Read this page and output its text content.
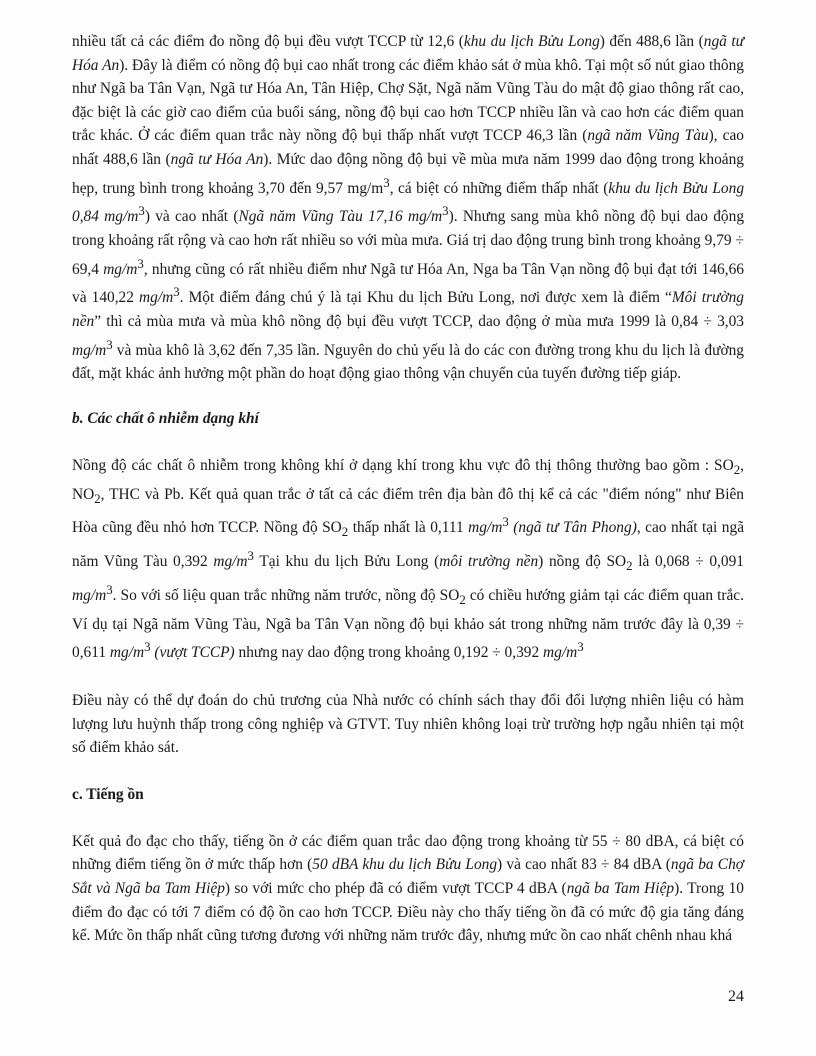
nhiều tất cả các điểm đo nồng độ bụi đều vượt TCCP từ 12,6 (khu du lịch Bửu Long) đến 488,6 lần (ngã tư Hóa An). Đây là điểm có nồng độ bụi cao nhất trong các điểm khảo sát ở mùa khô. Tại một số nút giao thông như Ngã ba Tân Vạn, Ngã tư Hóa An, Tân Hiệp, Chợ Sặt, Ngã năm Vũng Tàu do mật độ giao thông rất cao, đặc biệt là các giờ cao điểm của buổi sáng, nồng độ bụi cao hơn TCCP nhiều lần và cao hơn các điểm quan trắc khác. Ở các điểm quan trắc này nồng độ bụi thấp nhất vượt TCCP 46,3 lần (ngã năm Vũng Tàu), cao nhất 488,6 lần (ngã tư Hóa An). Mức dao động nồng độ bụi về mùa mưa năm 1999 dao động trong khoảng hẹp, trung bình trong khoảng 3,70 đến 9,57 $mg/m^3$, cá biệt có những điểm thấp nhất (khu du lịch Bửu Long 0,84 $mg/m^3$) và cao nhất (Ngã năm Vũng Tàu 17,16 $mg/m^3$). Nhưng sang mùa khô nồng độ bụi dao động trong khoảng rất rộng và cao hơn rất nhiều so với mùa mưa. Giá trị dao động trung bình trong khoảng 9,79 ÷ 69,4 $mg/m^3$, nhưng cũng có rất nhiều điểm như Ngã tư Hóa An, Nga ba Tân Vạn nồng độ bụi đạt tới 146,66 và 140,22 $mg/m^3$. Một điểm đáng chú ý là tại Khu du lịch Bửu Long, nơi được xem là điểm “Môi trường nền” thì cả mùa mưa và mùa khô nồng độ bụi đều vượt TCCP, dao động ở mùa mưa 1999 là 0,84 ÷ 3,03 $mg/m^3$ và mùa khô là 3,62 đến 7,35 lần. Nguyên do chủ yếu là do các con đường trong khu du lịch là đường đất, mặt khác ảnh hưởng một phần do hoạt động giao thông vận chuyển của tuyến đường tiếp giáp.

b. Các chất ô nhiễm dạng khí

Nồng độ các chất ô nhiễm trong không khí ở dạng khí trong khu vực đô thị thông thường bao gồm : $SO_2$, $NO_2$, THC và Pb. Kết quả quan trắc ở tất cả các điểm trên địa bàn đô thị kể cả các "điểm nóng" như Biên Hòa cũng đều nhỏ hơn TCCP. Nồng độ $SO_2$ thấp nhất là 0,111 $mg/m^3$ (ngã tư Tân Phong), cao nhất tại ngã năm Vũng Tàu 0,392 $mg/m^3$ Tại khu du lịch Bửu Long (môi trường nền) nồng độ $SO_2$ là 0,068 ÷ 0,091 $mg/m^3$. So với số liệu quan trắc những năm trước, nồng độ $SO_2$ có chiều hướng giảm tại các điểm quan trắc. Ví dụ tại Ngã năm Vũng Tàu, Ngã ba Tân Vạn nồng độ bụi khảo sát trong những năm trước đây là 0,39 ÷ 0,611 $mg/m^3$ (vượt TCCP) nhưng nay dao động trong khoảng 0,192 ÷ 0,392 $mg/m^3$

Điều này có thể dự đoán do chủ trương của Nhà nước có chính sách thay đổi đổi lượng nhiên liệu có hàm lượng lưu huỳnh thấp trong công nghiệp và GTVT. Tuy nhiên không loại trừ trường hợp ngẫu nhiên tại một số điểm khảo sát.

c. Tiếng ồn

Kết quả đo đạc cho thấy, tiếng ồn ở các điểm quan trắc dao động trong khoảng từ 55 ÷ 80 dBA, cá biệt có những điểm tiếng ồn ở mức thấp hơn (50 dBA khu du lịch Bửu Long) và cao nhất 83 ÷ 84 dBA (ngã ba Chợ Sắt và Ngã ba Tam Hiệp) so với mức cho phép đã có điểm vượt TCCP 4 dBA (ngã ba Tam Hiệp). Trong 10 điểm đo đạc có tới 7 điểm có độ ồn cao hơn TCCP. Điều này cho thấy tiếng ồn đã có mức độ gia tăng đáng kể. Mức ồn thấp nhất cũng tương đương với những năm trước đây, nhưng mức ồn cao nhất chênh nhau khá

24
